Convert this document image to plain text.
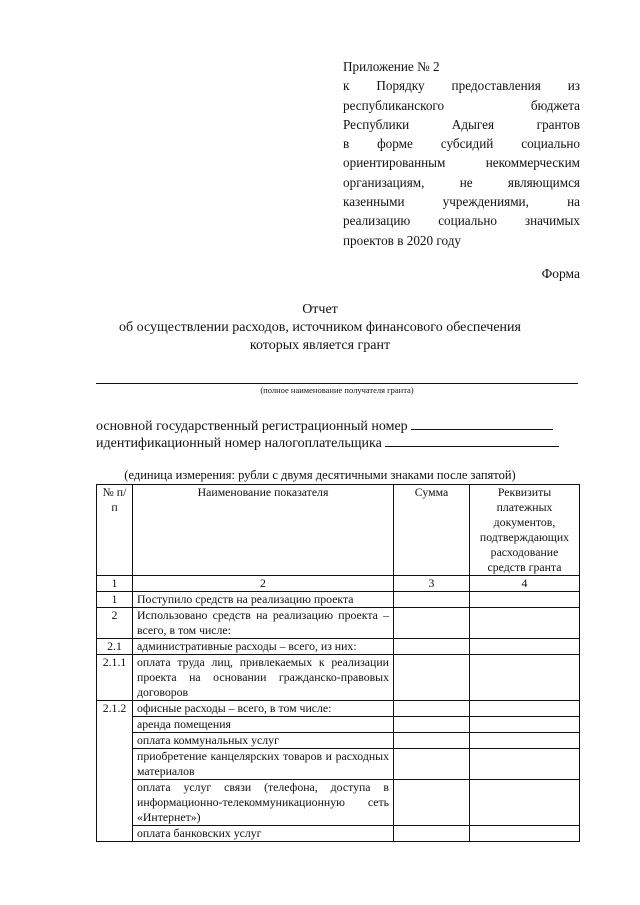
Приложение № 2
к Порядку предоставления из
республиканского бюджета
Республики Адыгея грантов
в форме субсидий социально
ориентированным некоммерческим
организациям, не являющимся
казенными учреждениями, на
реализацию социально значимых
проектов в 2020 году
Форма
Отчет
об осуществлении расходов, источником финансового обеспечения
которых является грант
(полное наименование получателя гранта)
основной государственный регистрационный номер
идентификационный номер налогоплательщика
(единица измерения: рубли с двумя десятичными знаками после запятой)
№ п/п	Наименование показателя	Сумма	Реквизиты платежных документов, подтверждающих расходование средств гранта
1	2	3	4
1	Поступило средств на реализацию проекта		
2	Использовано средств на реализацию проекта – всего, в том числе:		
2.1	административные расходы – всего, из них:		
2.1.1	оплата труда лиц, привлекаемых к реализации проекта на основании гражданско-правовых договоров		
2.1.2	офисные расходы – всего, в том числе:		
	аренда помещения		
	оплата коммунальных услуг		
	приобретение канцелярских товаров и расходных материалов		
	оплата услуг связи (телефона, доступа в информационно-телекоммуникационную сеть «Интернет»)		
	оплата банковских услуг		
